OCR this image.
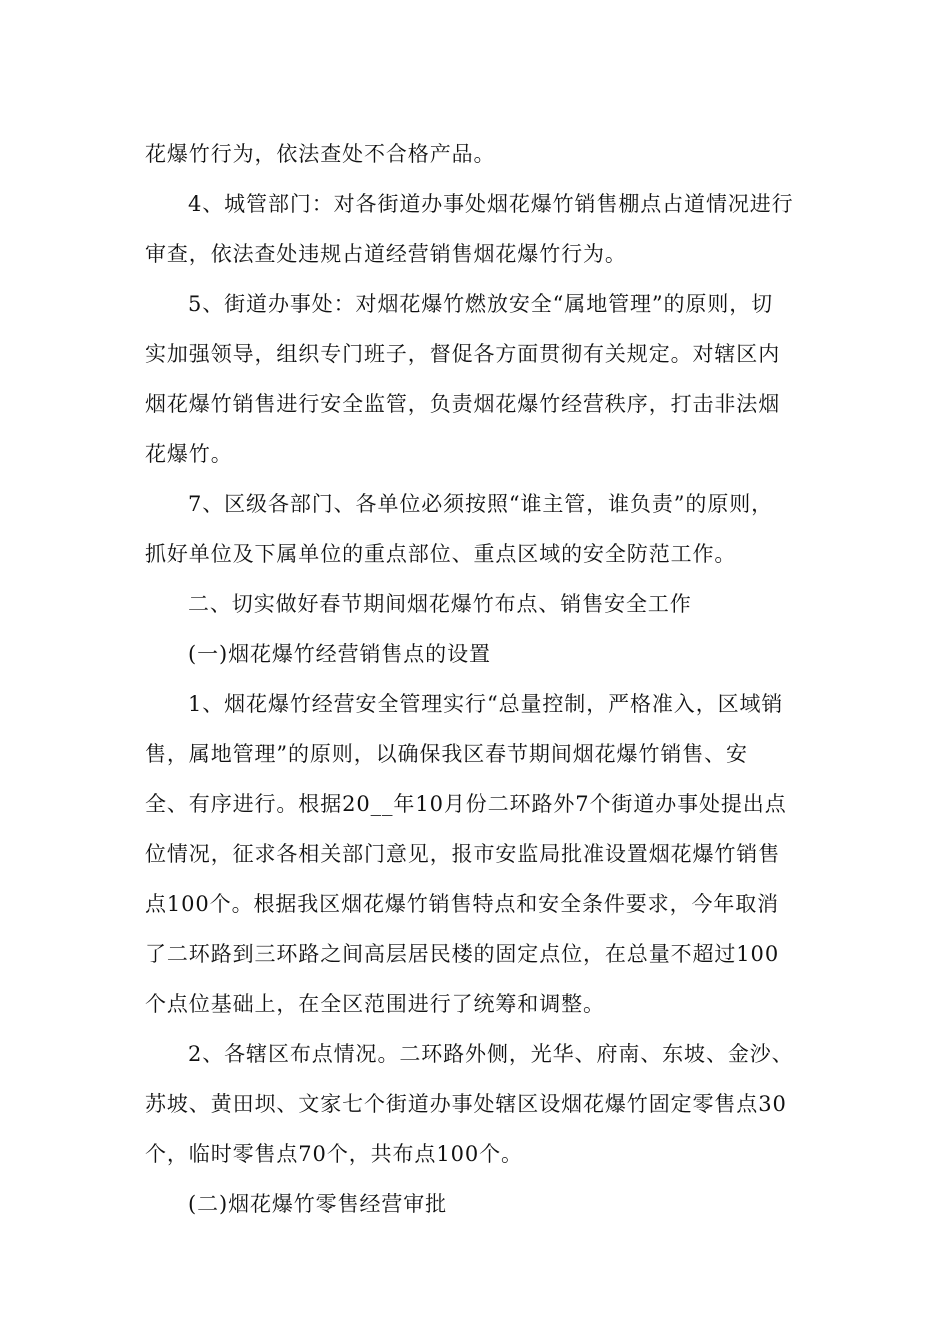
花爆竹行为，依法查处不合格产品。
4、城管部门：对各街道办事处烟花爆竹销售棚点占道情况进行
审查，依法查处违规占道经营销售烟花爆竹行为。
5、街道办事处：对烟花爆竹燃放安全“属地管理”的原则，切
实加强领导，组织专门班子，督促各方面贯彻有关规定。对辖区内
烟花爆竹销售进行安全监管，负责烟花爆竹经营秩序，打击非法烟
花爆竹。
7、区级各部门、各单位必须按照“谁主管，谁负责”的原则，
抓好单位及下属单位的重点部位、重点区域的安全防范工作。
二、切实做好春节期间烟花爆竹布点、销售安全工作
(一)烟花爆竹经营销售点的设置
1、烟花爆竹经营安全管理实行“总量控制，严格准入，区域销
售，属地管理”的原则，以确保我区春节期间烟花爆竹销售、安
全、有序进行。根据20__年10月份二环路外7个街道办事处提出点
位情况，征求各相关部门意见，报市安监局批准设置烟花爆竹销售
点100个。根据我区烟花爆竹销售特点和安全条件要求，今年取消
了二环路到三环路之间高层居民楼的固定点位，在总量不超过100
个点位基础上，在全区范围进行了统筹和调整。
2、各辖区布点情况。二环路外侧，光华、府南、东坡、金沙、
苏坡、黄田坝、文家七个街道办事处辖区设烟花爆竹固定零售点30
个，临时零售点70个，共布点100个。
(二)烟花爆竹零售经营审批
